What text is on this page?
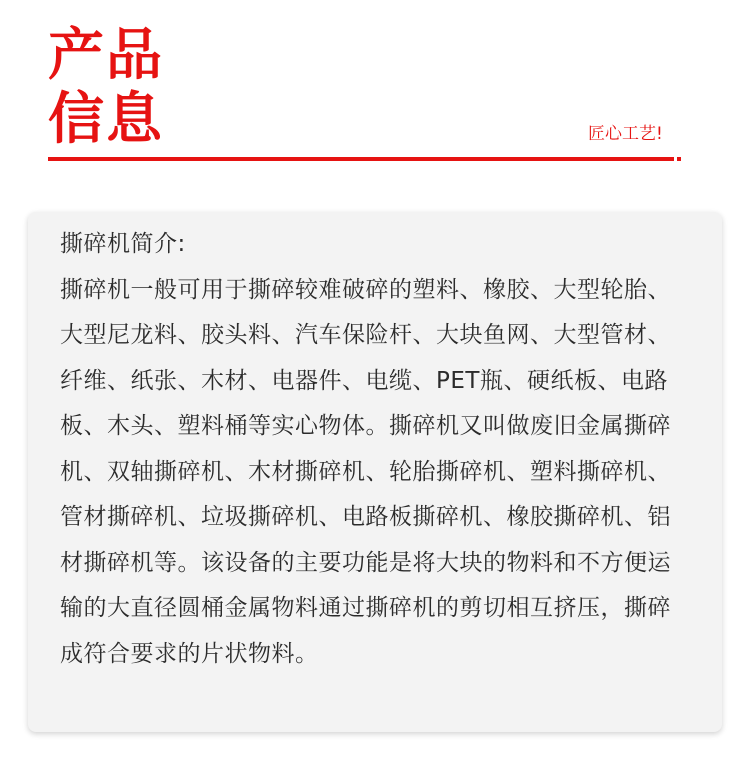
产品
信息	匠心工艺!

撕碎机简介:

撕碎机一般可用于撕碎较难破碎的塑料、橡胶、大型轮胎、大型尼龙料、胶头料、汽车保险杆、大块鱼网、大型管材、纤维、纸张、木材、电器件、电缆、PET瓶、硬纸板、电路板、木头、塑料桶等实心物体。撕碎机又叫做废旧金属撕碎机、双轴撕碎机、木材撕碎机、轮胎撕碎机、塑料撕碎机、管材撕碎机、垃圾撕碎机、电路板撕碎机、橡胶撕碎机、铝材撕碎机等。该设备的主要功能是将大块的物料和不方便运输的大直径圆桶金属物料通过撕碎机的剪切相互挤压，撕碎成符合要求的片状物料。
